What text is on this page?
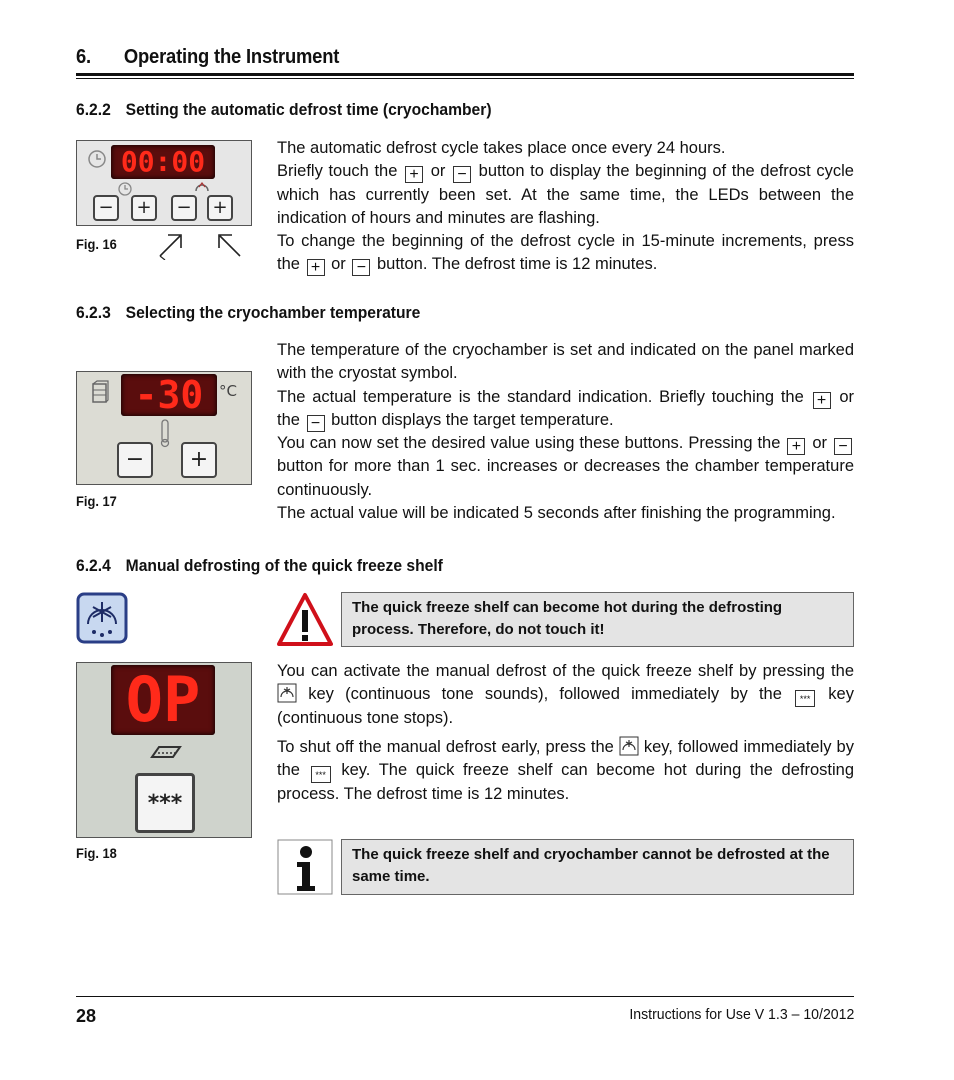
6. Operating the Instrument
6.2.2 Setting the automatic defrost time (cryochamber)
00:00
−	+	−	+
Fig. 16

The automatic defrost cycle takes place once every 24 hours.

Briefly touch the + or − button to display the beginning of the defrost cycle which has currently been set. At the same time, the LEDs between the indication of hours and minutes are flashing.

To change the beginning of the defrost cycle in 15-minute increments, press the + or − button. The defrost time is 12 minutes.

6.2.3 Selecting the cryochamber temperature
-30	°C
−	+
Fig. 17

The temperature of the cryochamber is set and indicated on the panel marked with the cryostat symbol.

The actual temperature is the standard indication. Briefly touching the + or the − button displays the target temperature.

You can now set the desired value using these buttons. Pressing the + or − button for more than 1 sec. increases or decreases the chamber temperature continuously.

The actual value will be indicated 5 seconds after finishing the programming.

6.2.4 Manual defrosting of the quick freeze shelf
The quick freeze shelf can become hot during the defrosting process. Therefore, do not touch it!
OP
***
Fig. 18

You can activate the manual defrost of the quick freeze shelf by pressing the  key (continuous tone sounds), followed immediately by the *** key (continuous tone stops).

To shut off the manual defrost early, press the key, followed immediately by the *** key. The quick freeze shelf can become hot during the defrosting process. The defrost time is 12 minutes.

The quick freeze shelf and cryochamber cannot be defrosted at the same time.
28	Instructions for Use V 1.3 – 10/2012
